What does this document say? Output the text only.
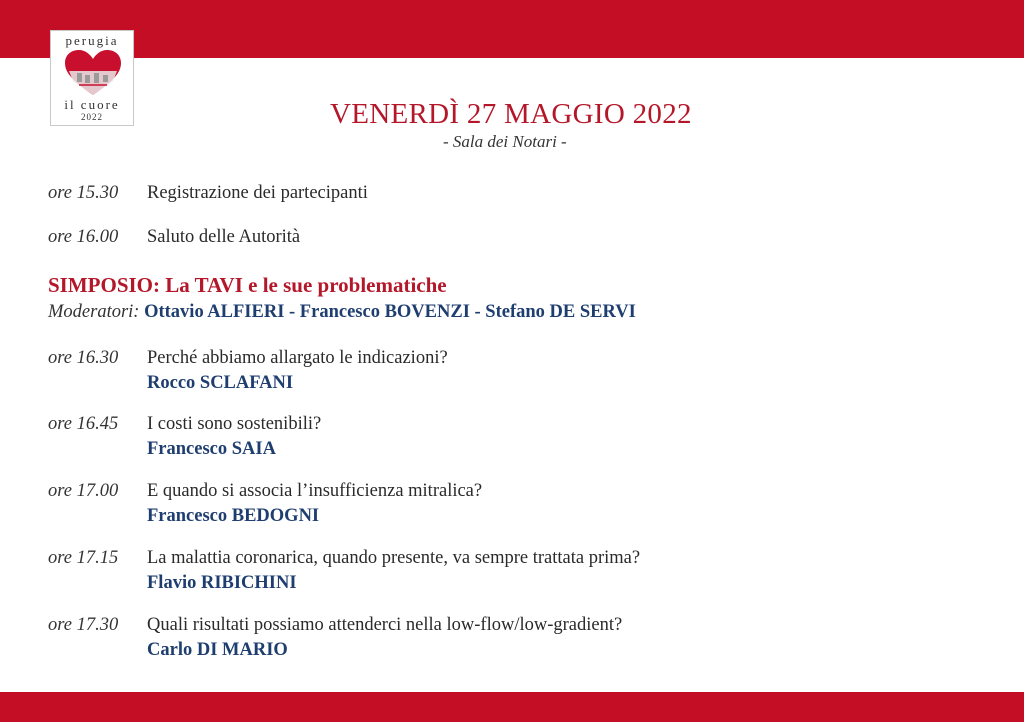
perugia
il cuore
2022	VENERDÌ 27 MAGGIO 2022
- Sala dei Notari -
ore 15.30 Registrazione dei partecipanti
ore 16.00 Saluto delle Autorità
SIMPOSIO: La TAVI e le sue problematiche
Moderatori: Ottavio ALFIERI - Francesco BOVENZI - Stefano DE SERVI
ore 16.30 Perché abbiamo allargato le indicazioni?
Rocco SCLAFANI
ore 16.45 I costi sono sostenibili?
Francesco SAIA
ore 17.00 E quando si associa l’insufficienza mitralica?
Francesco BEDOGNI
ore 17.15 La malattia coronarica, quando presente, va sempre trattata prima?
Flavio RIBICHINI
ore 17.30 Quali risultati possiamo attenderci nella low-flow/low-gradient?
Carlo DI MARIO
